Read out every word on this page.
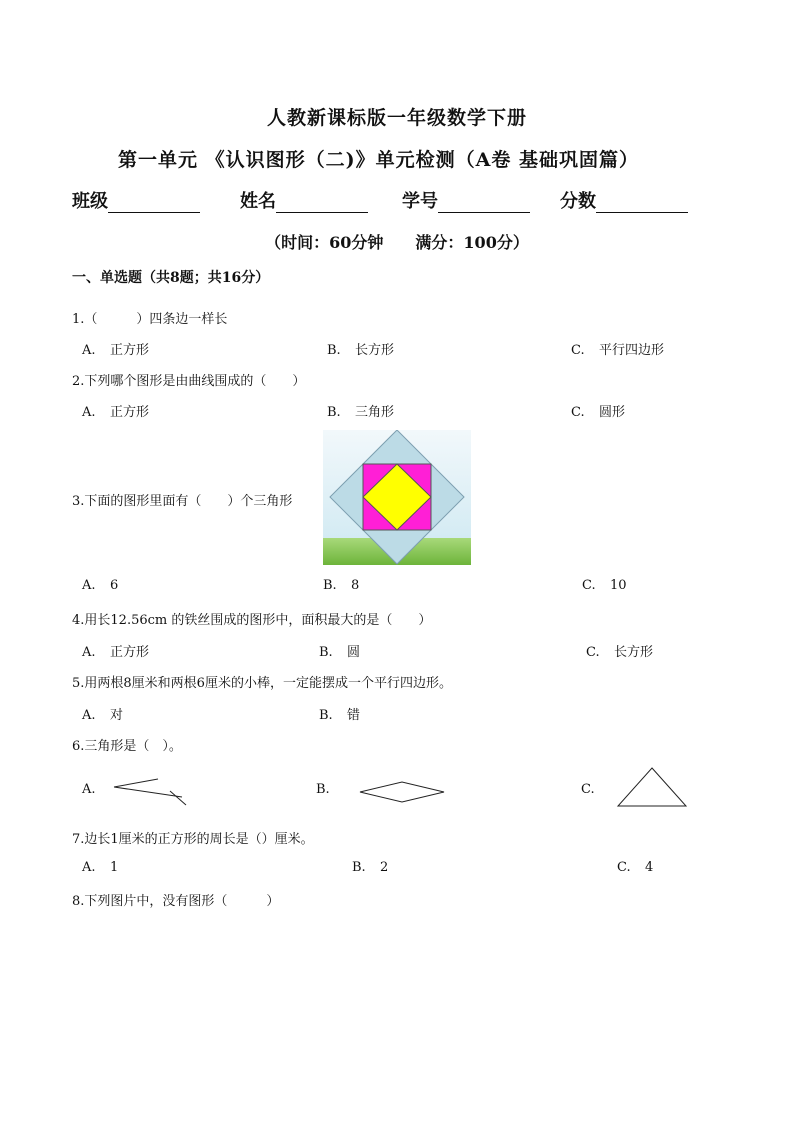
人教新课标版一年级数学下册
第一单元 《认识图形（二)》单元检测（A卷 基础巩固篇）
班级	姓名	学号	分数
（时间：60分钟　　满分：100分）
一、单选题（共8题；共16分）
1.（　　　）四条边一样长
A. 正方形	B. 长方形	C. 平行四边形
2.下列哪个图形是由曲线围成的（　　）
A. 正方形	B. 三角形	C. 圆形
3.下面的图形里面有（　　）个三角形
A. 6	B. 8	C. 10
4.用长12.56cm 的铁丝围成的图形中，面积最大的是（　　）
A. 正方形	B. 圆	C. 长方形
5.用两根8厘米和两根6厘米的小棒，一定能摆成一个平行四边形。
A. 对	B. 错
6.三角形是（　）。
A.	B.	C.
7.边长1厘米的正方形的周长是（）厘米。
A. 1	B. 2	C. 4
8.下列图片中，没有图形（　　　）
